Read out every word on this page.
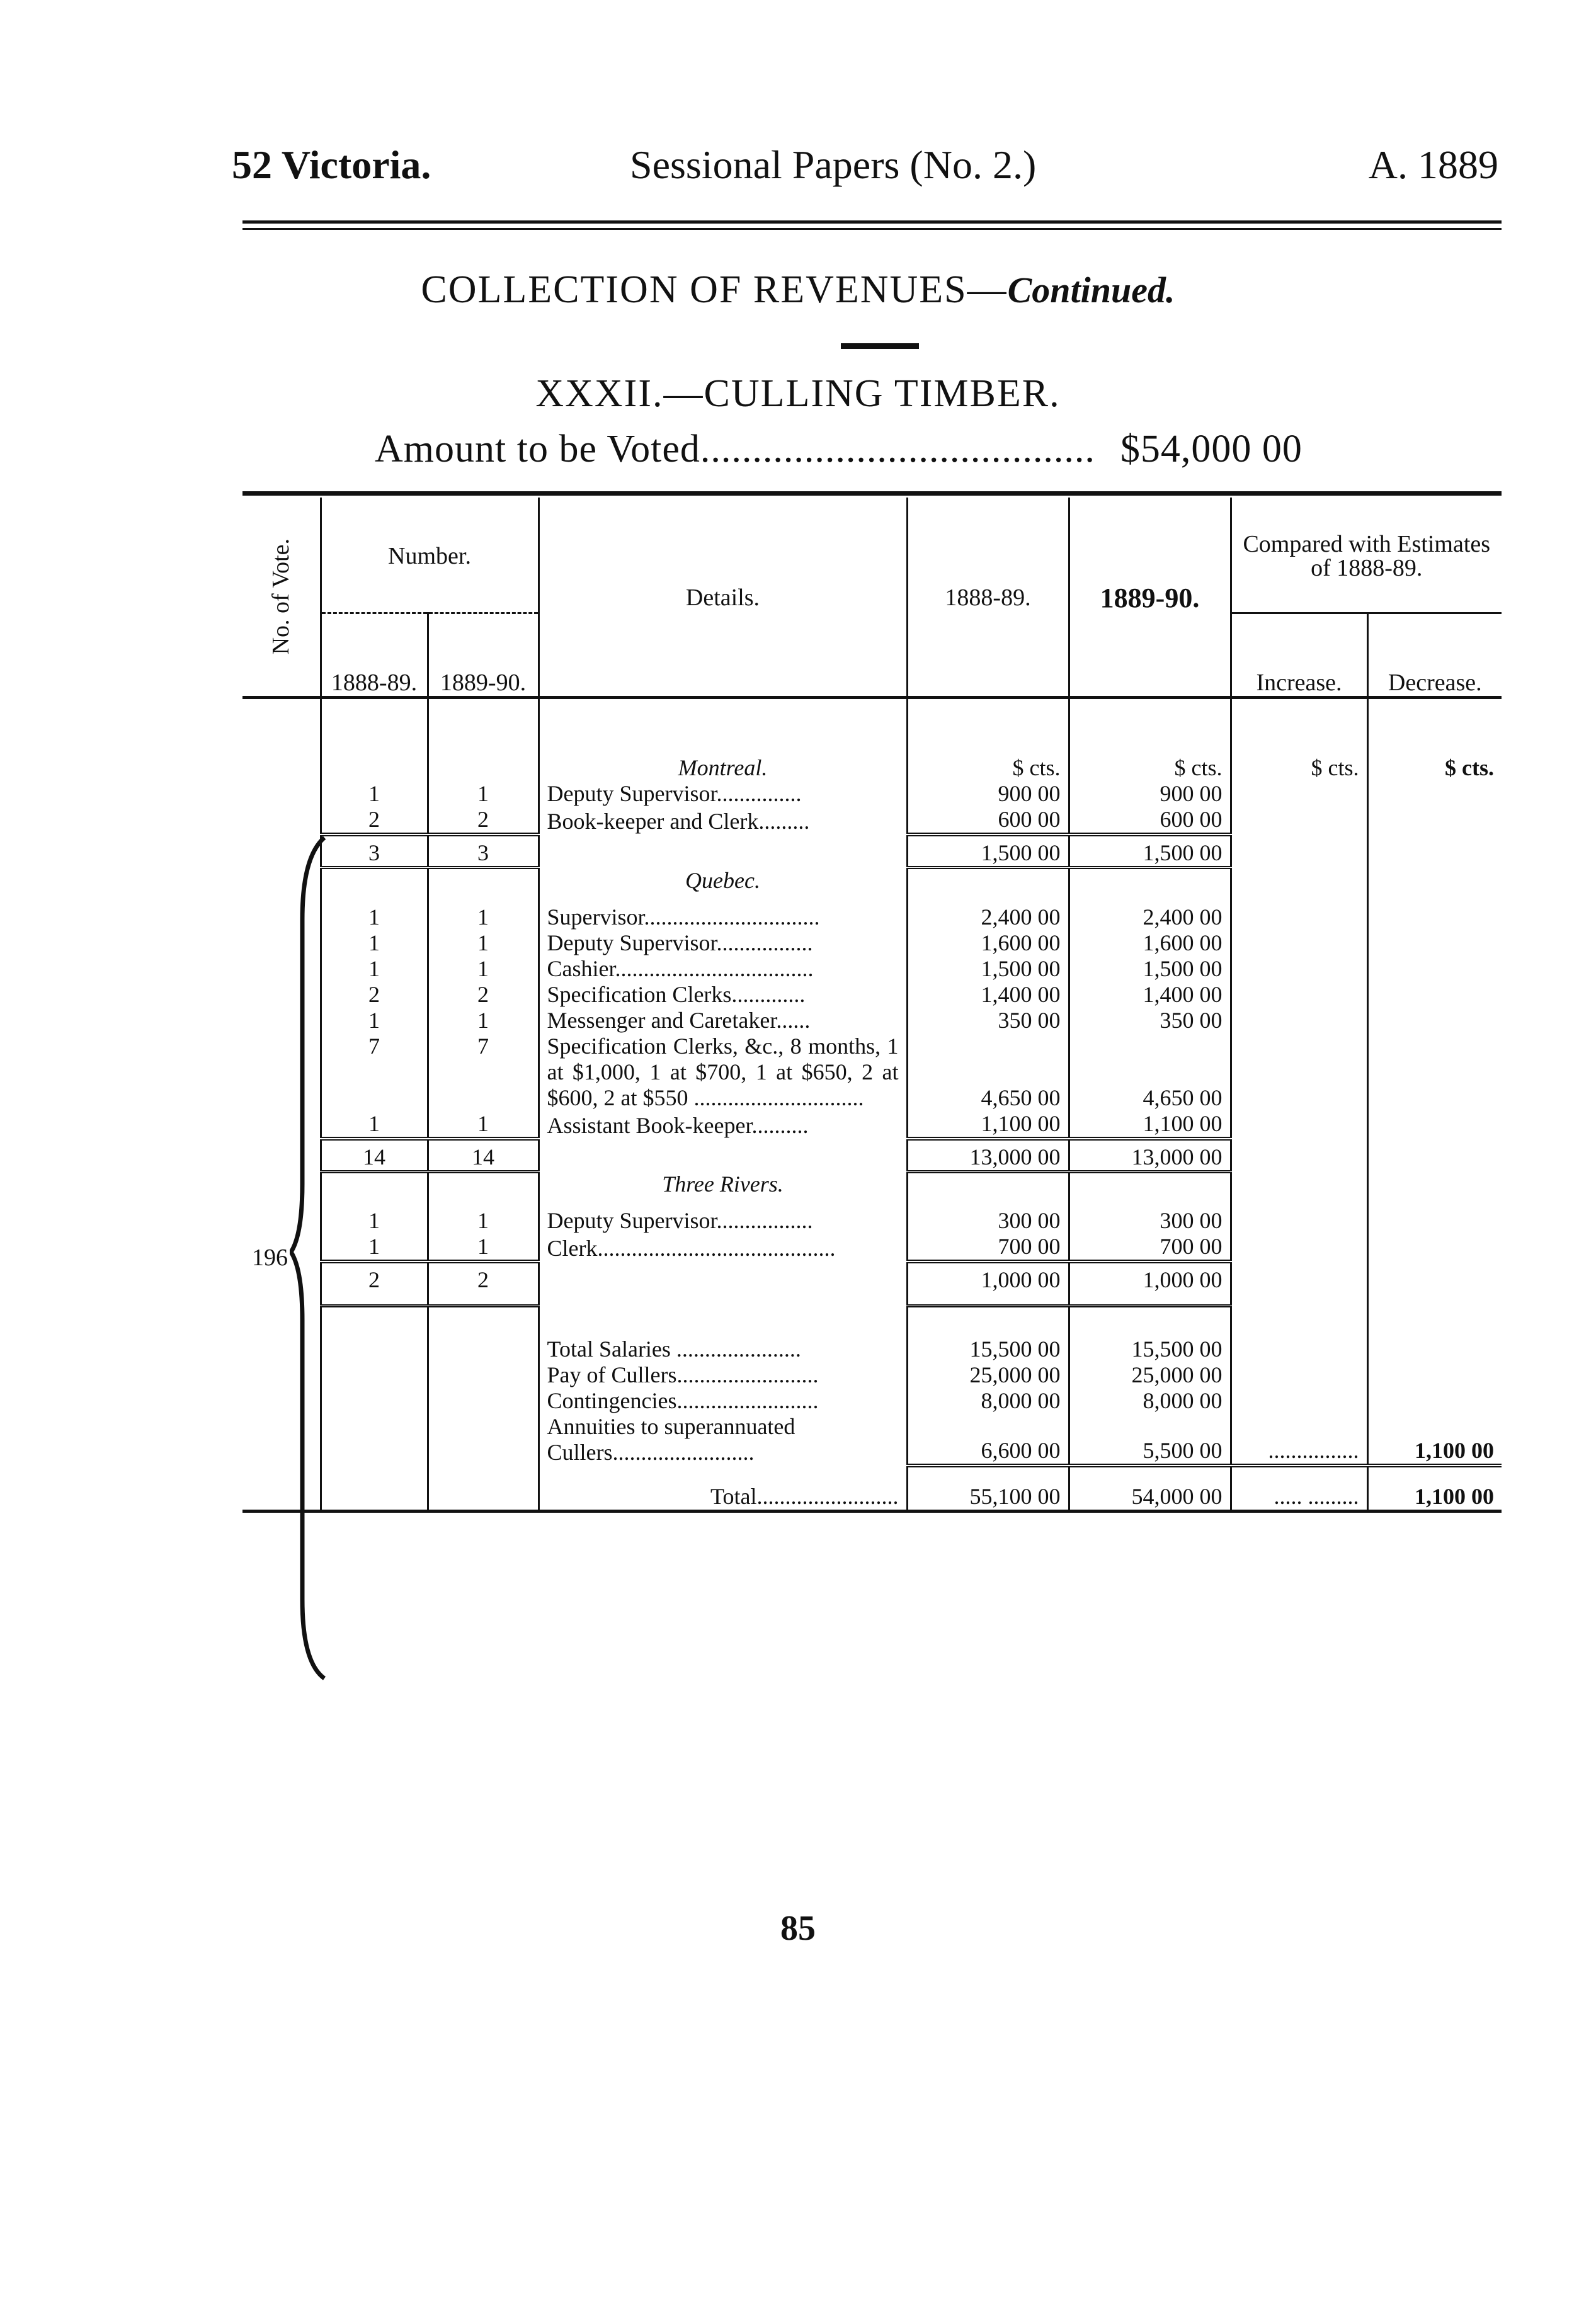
52 Victoria.	Sessional Papers (No. 2.)	A. 1889
COLLECTION OF REVENUES—Continued.
XXXII.—CULLING TIMBER.
Amount to be Voted...................................... $54,000 00
No. of Vote.	Number.		Details.	1888-89.	1889-90.	Compared with Estimates of 1888-89.	
	1888-89.	1889-90.				Increase.	Decrease.
			Montreal.	$ cts.	$ cts.	$ cts.	$ cts.
	1	1	Deputy Supervisor...............	900 00	900 00		
	2	2	Book-keeper and Clerk.........	600 00	600 00		
	3	3		1,500 00	1,500 00		
			Quebec.				
	1	1	Supervisor...............................	2,400 00	2,400 00		
	1	1	Deputy Supervisor.................	1,600 00	1,600 00		
	1	1	Cashier...................................	1,500 00	1,500 00		
	2	2	Specification Clerks.............	1,400 00	1,400 00		
	1	1	Messenger and Caretaker......	350 00	350 00		
	7	7	Specification Clerks, &c., 8 months, 1 at $1,000, 1 at $700, 1 at $650, 2 at $600, 2 at $550 ..............................	4,650 00	4,650 00		
	1	1	Assistant Book-keeper..........	1,100 00	1,100 00		
	14	14		13,000 00	13,000 00		
			Three Rivers.				
	1	1	Deputy Supervisor.................	300 00	300 00		
	1	1	Clerk..........................................	700 00	700 00		
	2	2		1,000 00	1,000 00		
			Total Salaries ......................	15,500 00	15,500 00		
			Pay of Cullers.........................	25,000 00	25,000 00		
			Contingencies.........................	8,000 00	8,000 00		
			Annuities to superannuated Cullers.........................	6,600 00	5,500 00	................	1,100 00
			Total.........................	55,100 00	54,000 00	..... .........	1,100 00
196
85
